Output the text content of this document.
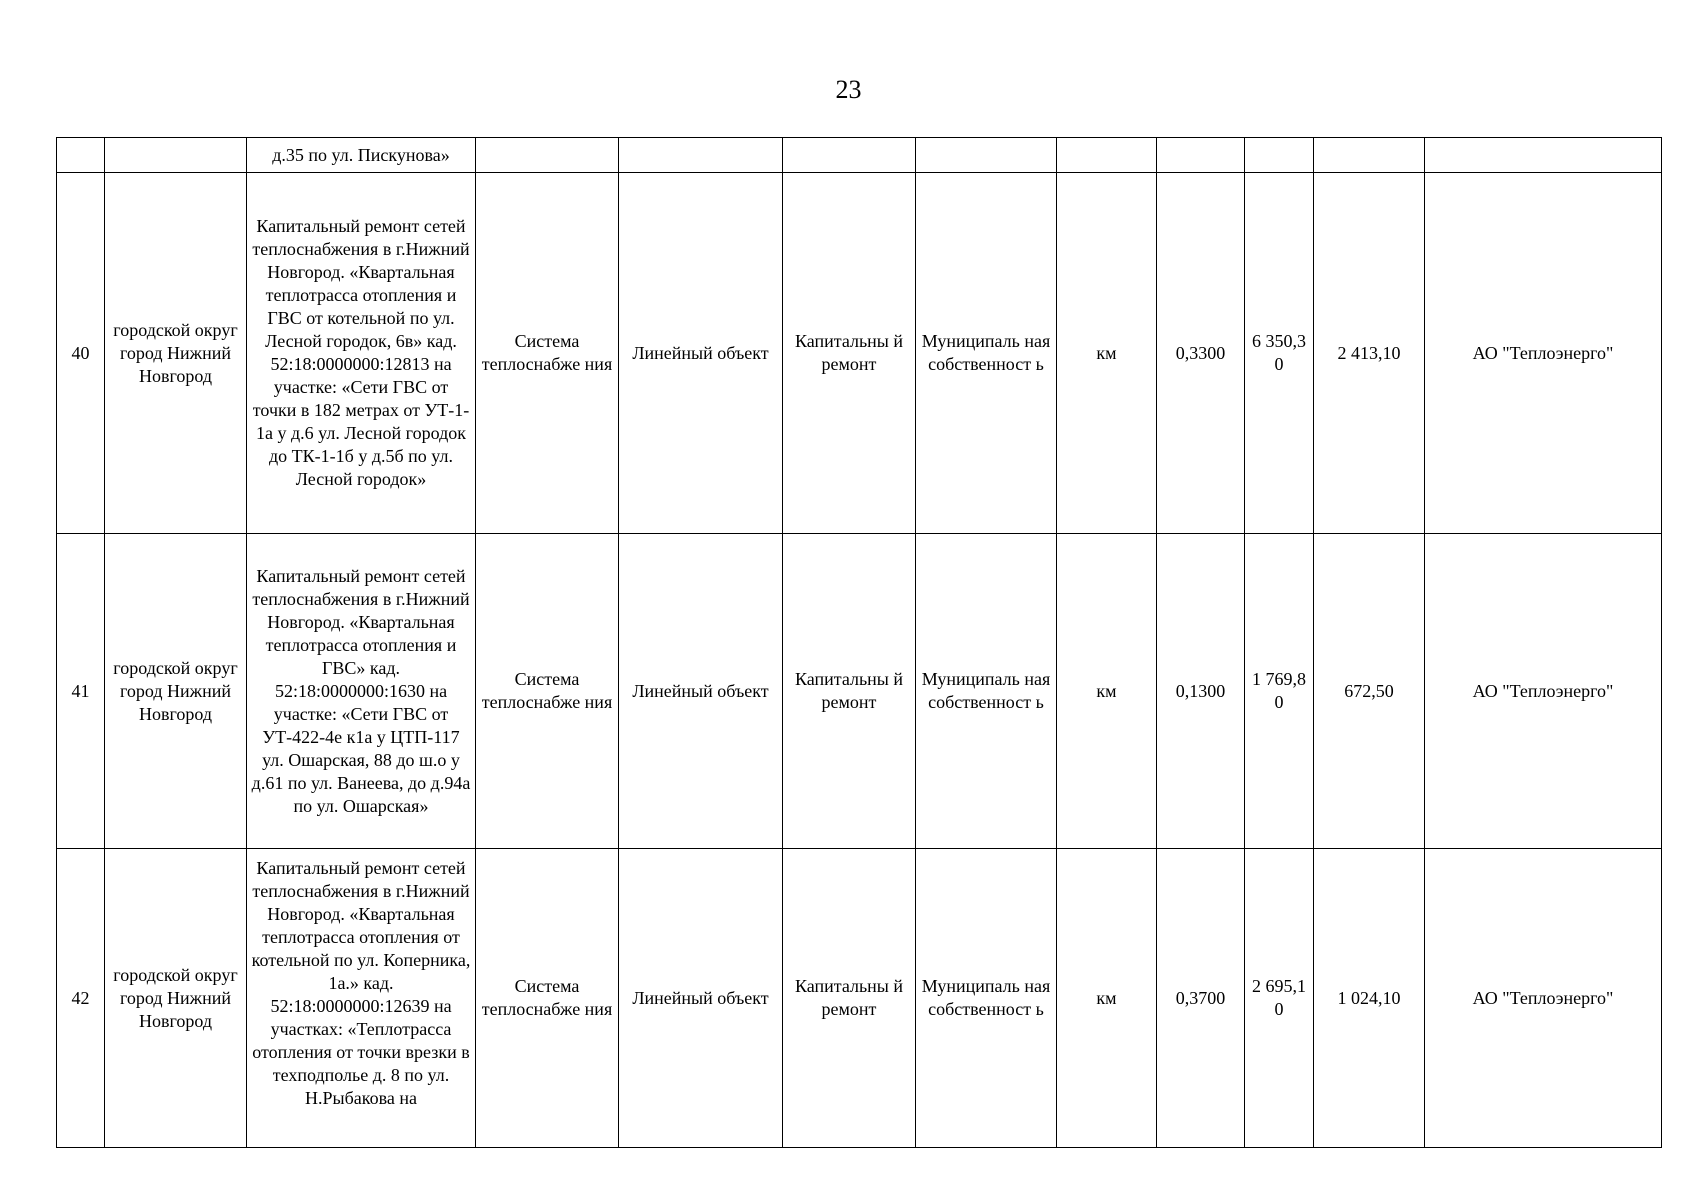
23
		д.35 по ул. Пискунова»									
40	городской округ город Нижний Новгород	Капитальный ремонт сетей теплоснабжения в г.Нижний Новгород. «Квартальная теплотрасса отопления и ГВС от котельной по ул. Лесной городок, 6в» кад. 52:18:0000000:12813 на участке: «Сети ГВС от точки в 182 метрах от УТ-1-1а у д.6 ул. Лесной городок до ТК-1-1б у д.5б по ул. Лесной городок»	Система теплоснабже ния	Линейный объект	Капитальны й ремонт	Муниципаль ная собственност ь	км	0,3300	6 350,3 0	2 413,10	АО "Теплоэнерго"
41	городской округ город Нижний Новгород	Капитальный ремонт сетей теплоснабжения в г.Нижний Новгород. «Квартальная теплотрасса отопления и ГВС» кад. 52:18:0000000:1630 на участке: «Сети ГВС от УТ-422-4е к1а у ЦТП-117 ул. Ошарская, 88 до ш.о у д.61 по ул. Ванеева, до д.94а по ул. Ошарская»	Система теплоснабже ния	Линейный объект	Капитальны й ремонт	Муниципаль ная собственност ь	км	0,1300	1 769,8 0	672,50	АО "Теплоэнерго"
42	городской округ город Нижний Новгород	Капитальный ремонт сетей теплоснабжения в г.Нижний Новгород. «Квартальная теплотрасса отопления от котельной по ул. Коперника, 1а.» кад. 52:18:0000000:12639 на участках: «Теплотрасса отопления от точки врезки в техподполье д. 8 по ул. Н.Рыбакова на	Система теплоснабже ния	Линейный объект	Капитальны й ремонт	Муниципаль ная собственност ь	км	0,3700	2 695,1 0	1 024,10	АО "Теплоэнерго"
